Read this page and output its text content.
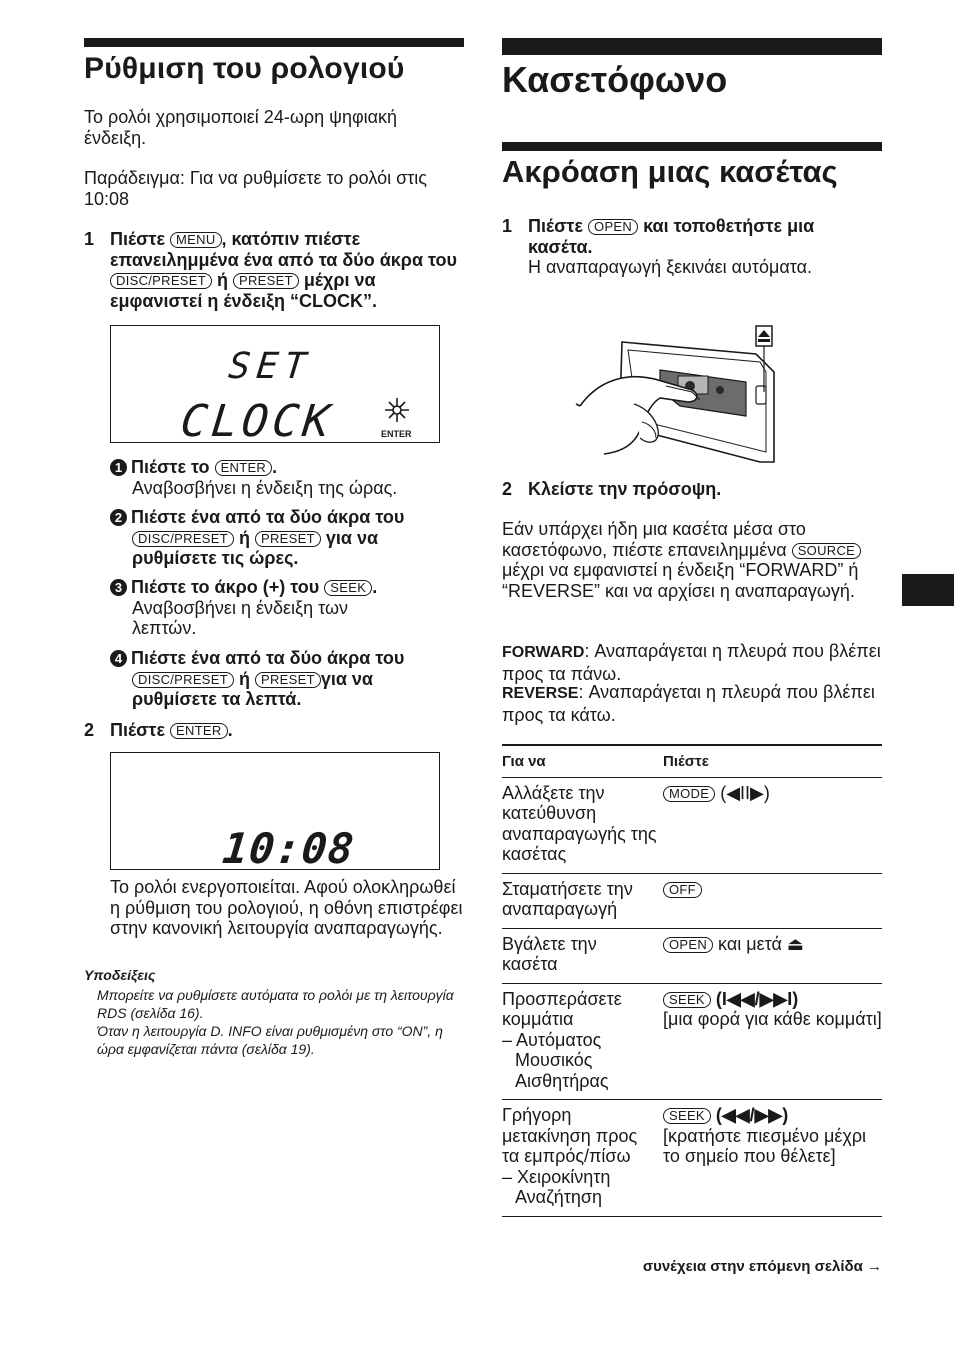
Ρύθμιση του ρολογιού

Το ρολόι χρησιμοποιεί 24-ωρη ψηφιακή ένδειξη.

Παράδειγμα: Για να ρυθμίσετε το ρολόι στις 10:08

1 Πιέστε MENU , κατόπιν πιέστε επανειλημμένα ένα από τα δύο άκρα του DISC/PRESET ή PRESET μέχρι να εμφανιστεί η ένδειξη “CLOCK”.

SET
CLOCK	ENTER

1 Πιέστε το ENTER .

Αναβοσβήνει η ένδειξη της ώρας.

2 Πιέστε ένα από τα δύο άκρα του

DISC/PRESET ή PRESET για να ρυθμίσετε τις ώρες.

3 Πιέστε το άκρο (+) του SEEK .

Αναβοσβήνει η ένδειξη των λεπτών.

4 Πιέστε ένα από τα δύο άκρα του

DISC/PRESET ή PRESET για να ρυθμίσετε τα λεπτά.

2 Πιέστε ENTER .

10:08

Το ρολόι ενεργοποιείται. Αφού ολοκληρωθεί η ρύθμιση του ρολογιού, η οθόνη επιστρέφει στην κανονική λειτουργία αναπαραγωγής.

Υποδείξεις
Μπορείτε να ρυθμίσετε αυτόματα το ρολόι με τη λειτουργία RDS (σελίδα 16).
Όταν η λειτουργία D. INFO είναι ρυθμισμένη στο “ON”, η ώρα εμφανίζεται πάντα (σελίδα 19).
Κασετόφωνο
Ακρόαση μιας κασέτας
1 Πιέστε OPEN και τοποθετήστε μια κασέτα.

Η αναπαραγωγή ξεκινάει αυτόματα.

2 Κλείστε την πρόσοψη.

Εάν υπάρχει ήδη μια κασέτα μέσα στο κασετόφωνο, πιέστε επανειλημμένα SOURCE μέχρι να εμφανιστεί η ένδειξη “FORWARD” ή “REVERSE” και να αρχίσει η αναπαραγωγή.

FORWARD: Αναπαράγεται η πλευρά που βλέπει προς τα πάνω.

REVERSE: Αναπαράγεται η πλευρά που βλέπει προς τα κάτω.

Για να	Πιέστε
Αλλάξετε την κατεύθυνση αναπαραγωγής της κασέτας	MODE (◀II▶)
Σταματήσετε την αναπαραγωγή	OFF
Βγάλετε την κασέτα	OPEN και μετά ⏏
Προσπεράσετε κομμάτια
– Αυτόματος Μουσικός Αισθητήρας	SEEK (I◀◀/▶▶I)
[μια φορά για κάθε κομμάτι]
Γρήγορη μετακίνηση προς τα εμπρός/πίσω
– Χειροκίνητη Αναζήτηση	SEEK (◀◀/▶▶)
[κρατήστε πιεσμένο μέχρι το σημείο που θέλετε]
συνέχεια στην επόμενη σελίδα →
